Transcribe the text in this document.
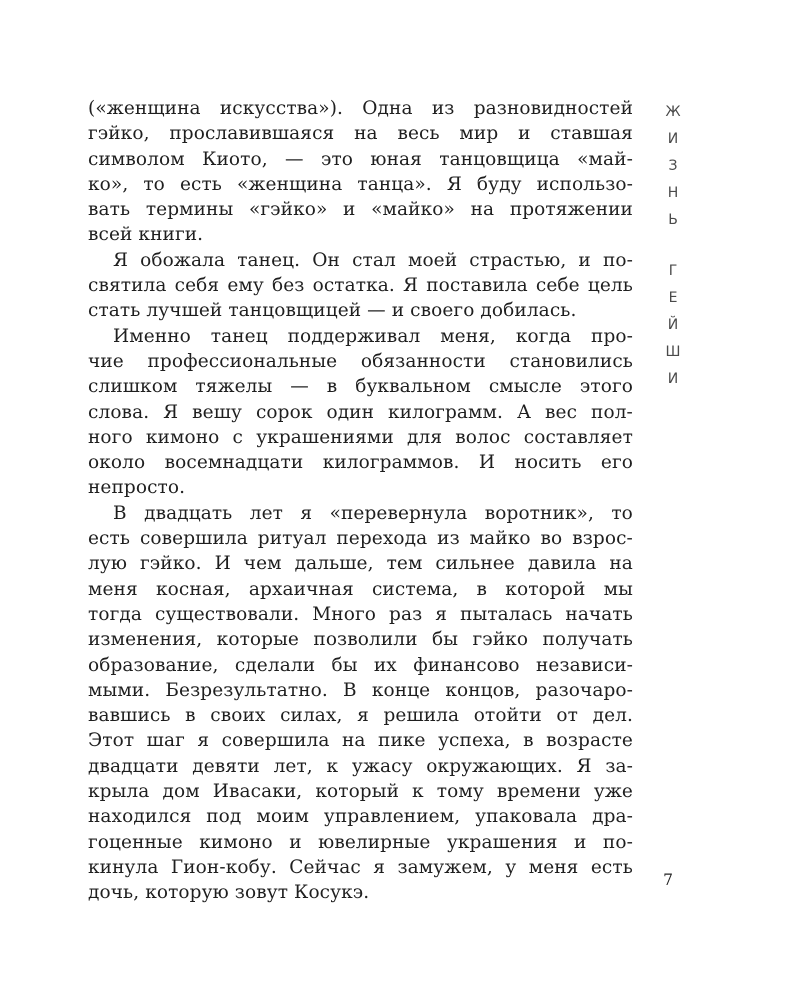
(«женщина искусства»). Одна из разновидностей
гэйко, прославившаяся на весь мир и ставшая
символом Киото, — это юная танцовщица «май-
ко», то есть «женщина танца». Я буду использо-
вать термины «гэйко» и «майко» на протяжении
всей книги.
Я обожала танец. Он стал моей страстью, и по-
святила себя ему без остатка. Я поставила себе цель
стать лучшей танцовщицей — и своего добилась.
Именно танец поддерживал меня, когда про-
чие профессиональные обязанности становились
слишком тяжелы — в буквальном смысле этого
слова. Я вешу сорок один килограмм. А вес пол-
ного кимоно с украшениями для волос составляет
около восемнадцати килограммов. И носить его
непросто.
В двадцать лет я «перевернула воротник», то
есть совершила ритуал перехода из майко во взрос-
лую гэйко. И чем дальше, тем сильнее давила на
меня косная, архаичная система, в которой мы
тогда существовали. Много раз я пыталась начать
изменения, которые позволили бы гэйко получать
образование, сделали бы их финансово независи-
мыми. Безрезультатно. В конце концов, разочаро-
вавшись в своих силах, я решила отойти от дел.
Этот шаг я совершила на пике успеха, в возрасте
двадцати девяти лет, к ужасу окружающих. Я за-
крыла дом Ивасаки, который к тому времени уже
находился под моим управлением, упаковала дра-
гоценные кимоно и ювелирные украшения и по-
кинула Гион-кобу. Сейчас я замужем, у меня есть
дочь, которую зовут Косукэ.
Ж
И
З
Н
Ь
Г
Е
Й
Ш
И
7
